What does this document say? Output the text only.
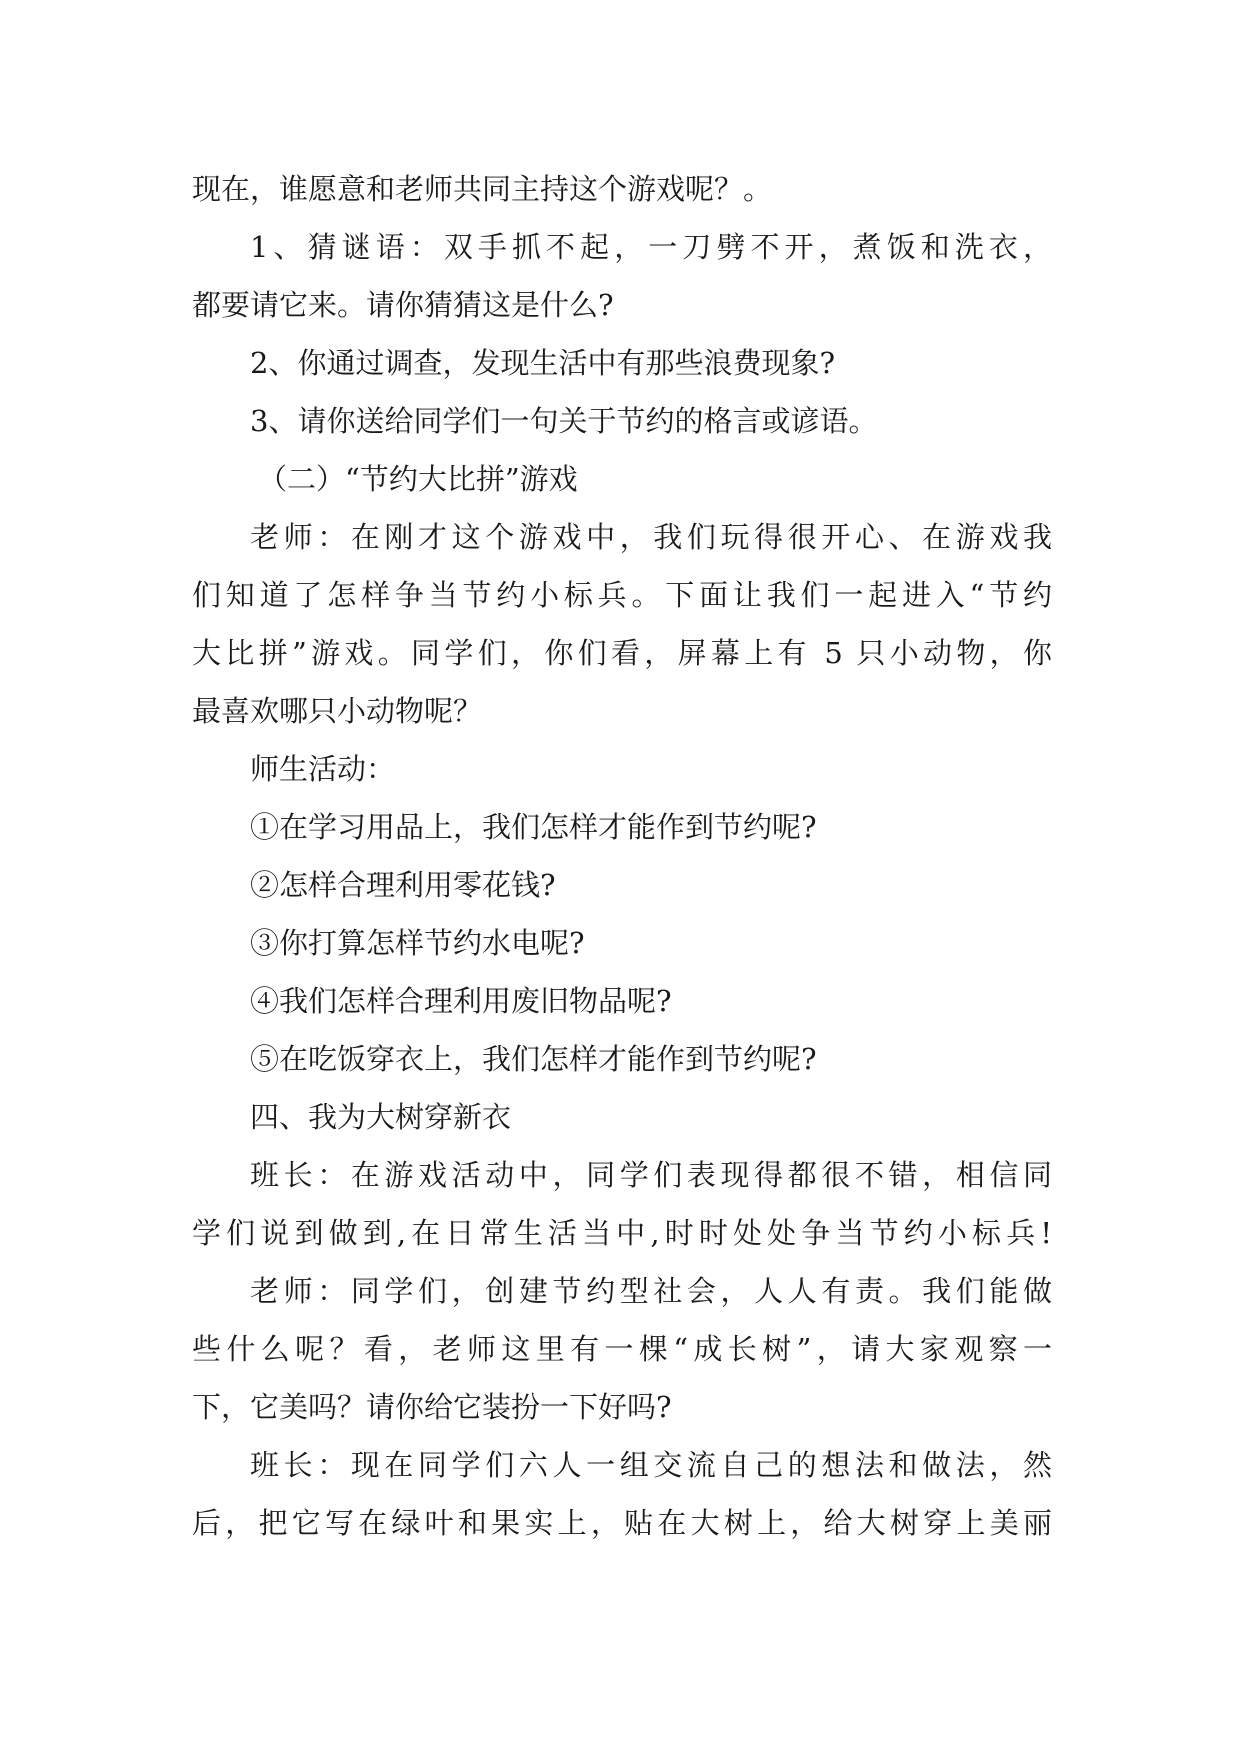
现在，谁愿意和老师共同主持这个游戏呢？。
1、猜谜语：双手抓不起，一刀劈不开，煮饭和洗衣，
都要请它来。请你猜猜这是什么?
2、你通过调查，发现生活中有那些浪费现象?
3、请你送给同学们一句关于节约的格言或谚语。
（二）“节约大比拼”游戏
老师：在刚才这个游戏中，我们玩得很开心、在游戏我
们知道了怎样争当节约小标兵。下面让我们一起进入“节约
大比拼”游戏。同学们，你们看，屏幕上有 5 只小动物，你
最喜欢哪只小动物呢？
师生活动：
①在学习用品上，我们怎样才能作到节约呢?
②怎样合理利用零花钱?
③你打算怎样节约水电呢?
④我们怎样合理利用废旧物品呢?
⑤在吃饭穿衣上，我们怎样才能作到节约呢?
四、我为大树穿新衣
班长：在游戏活动中，同学们表现得都很不错，相信同
学们说到做到,在日常生活当中,时时处处争当节约小标兵!
老师：同学们，创建节约型社会，人人有责。我们能做
些什么呢？看，老师这里有一棵“成长树”，请大家观察一
下，它美吗？请你给它装扮一下好吗?
班长：现在同学们六人一组交流自己的想法和做法，然
后，把它写在绿叶和果实上，贴在大树上，给大树穿上美丽
